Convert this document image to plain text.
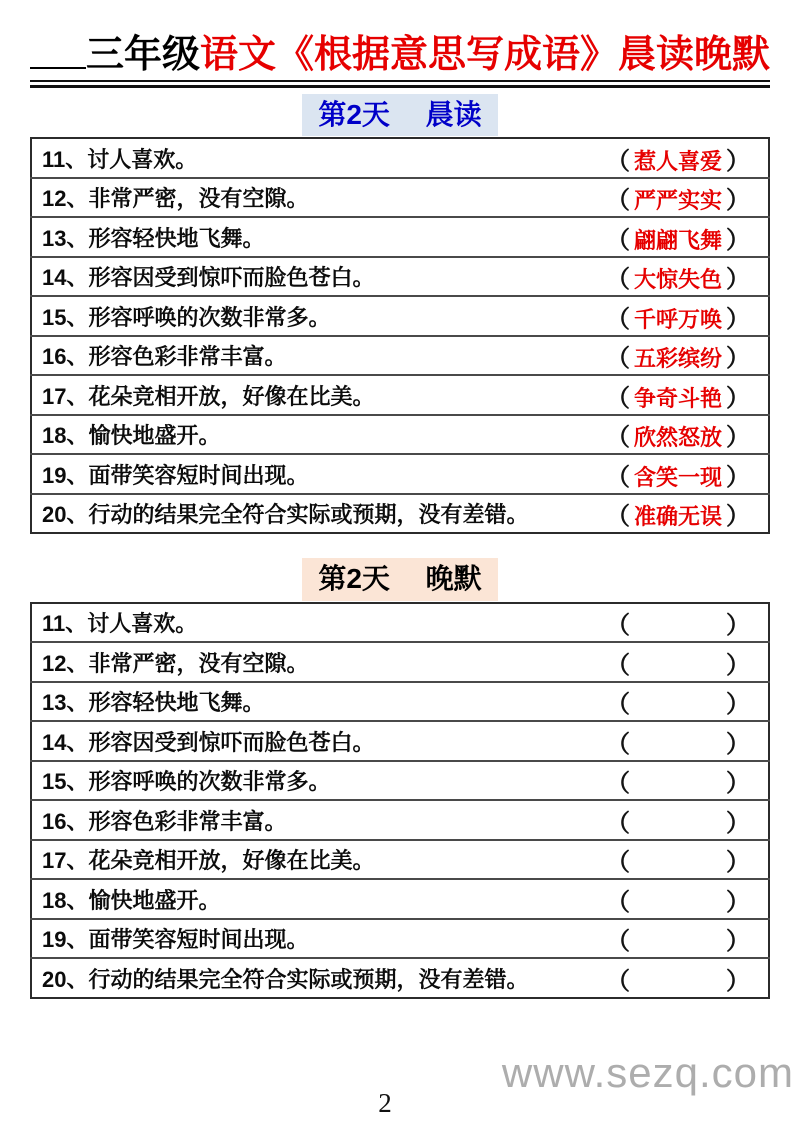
三年级语文《根据意思写成语》晨读晚默
第2天　 晨读
11、讨人喜欢。	（ 惹人喜爱 ）
12、非常严密，没有空隙。	（ 严严实实 ）
13、形容轻快地飞舞。	（ 翩翩飞舞 ）
14、形容因受到惊吓而脸色苍白。	（ 大惊失色 ）
15、形容呼唤的次数非常多。	（ 千呼万唤 ）
16、形容色彩非常丰富。	（ 五彩缤纷 ）
17、花朵竞相开放，好像在比美。	（ 争奇斗艳 ）
18、愉快地盛开。	（ 欣然怒放 ）
19、面带笑容短时间出现。	（ 含笑一现 ）
20、行动的结果完全符合实际或预期，没有差错。	（ 准确无误 ）
第2天　 晚默
11、讨人喜欢。	（ ）
12、非常严密，没有空隙。	（ ）
13、形容轻快地飞舞。	（ ）
14、形容因受到惊吓而脸色苍白。	（ ）
15、形容呼唤的次数非常多。	（ ）
16、形容色彩非常丰富。	（ ）
17、花朵竞相开放，好像在比美。	（ ）
18、愉快地盛开。	（ ）
19、面带笑容短时间出现。	（ ）
20、行动的结果完全符合实际或预期，没有差错。	（ ）
www.sezq.com
2
